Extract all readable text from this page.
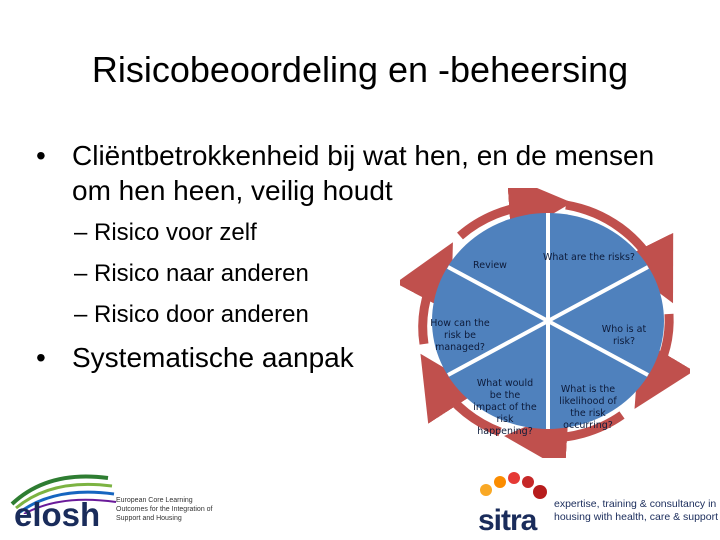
Risicobeoordeling en -beheersing
• Cliëntbetrokkenheid bij wat hen, en de mensen om hen heen, veilig houdt
– Risico voor zelf
– Risico naar anderen
– Risico door anderen
• Systematische aanpak
What are the risks?
Who is at risk?
What is the likelihood of the risk occurring?
What would be the impact of the risk happening?
How can the risk be managed?
Review
elosh European Core Learning Outcomes for the Integration of Support and Housing	sitra expertise, training & consultancy in housing with health, care & support
